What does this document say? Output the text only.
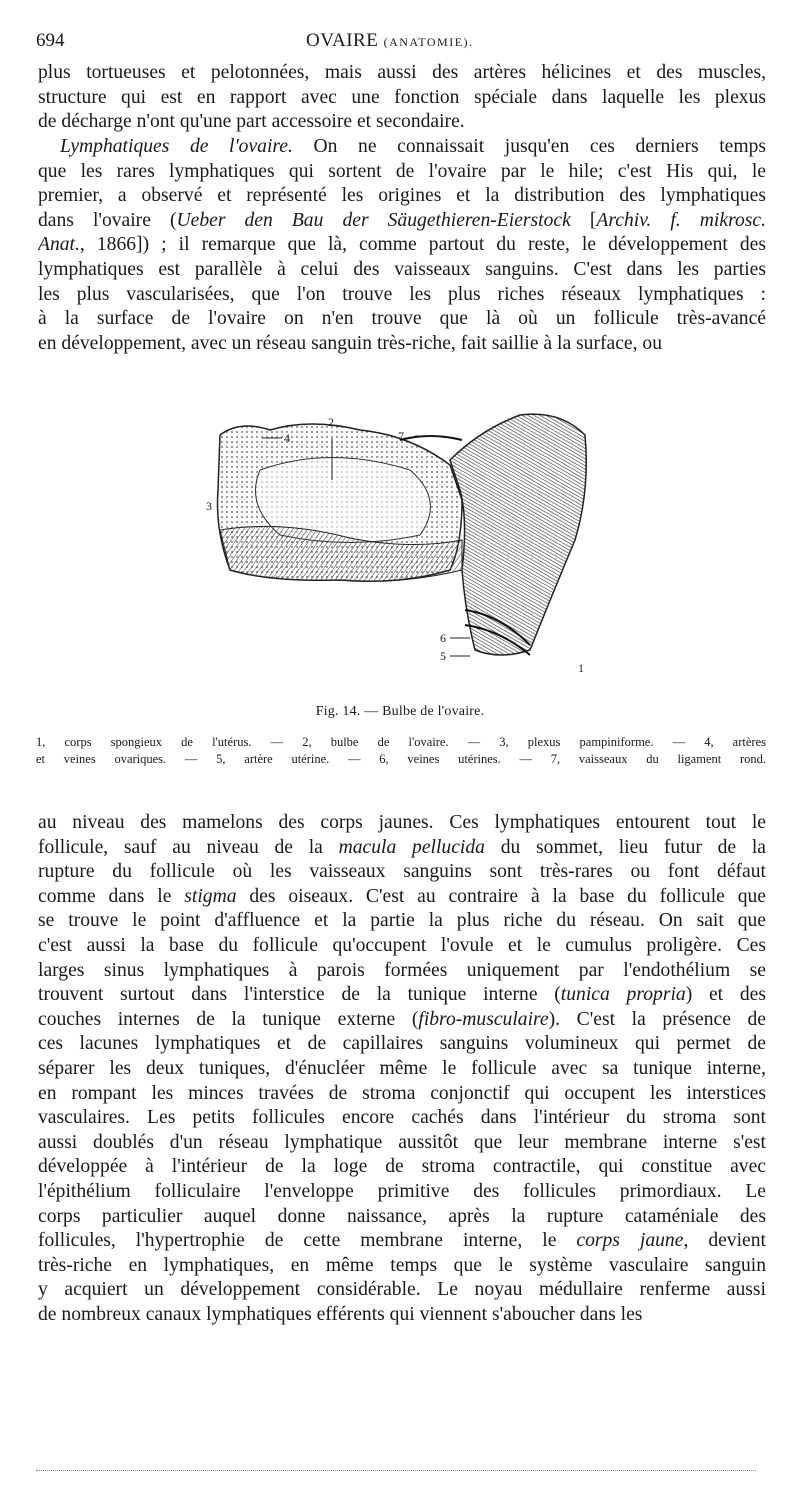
694	OVAIRE (ANATOMIE).
plus tortueuses et pelotonnées, mais aussi des artères hélicines et des muscles,
structure qui est en rapport avec une fonction spéciale dans laquelle les plexus
de décharge n'ont qu'une part accessoire et secondaire.
Lymphatiques de l'ovaire. On ne connaissait jusqu'en ces derniers temps
que les rares lymphatiques qui sortent de l'ovaire par le hile; c'est His qui, le
premier, a observé et représenté les origines et la distribution des lymphatiques
dans l'ovaire (Ueber den Bau der Säugethieren-Eierstock [Archiv. f. mikrosc.
Anat., 1866]) ; il remarque que là, comme partout du reste, le développement des
lymphatiques est parallèle à celui des vaisseaux sanguins. C'est dans les parties
les plus vascularisées, que l'on trouve les plus riches réseaux lymphatiques :
à la surface de l'ovaire on n'en trouve que là où un follicule très-avancé
en développement, avec un réseau sanguin très-riche, fait saillie à la surface, ou
2
4	7
3
6
5
1
Fig. 14. — Bulbe de l'ovaire.
1, corps spongieux de l'utérus. — 2, bulbe de l'ovaire. — 3, plexus pampiniforme. — 4, artères
et veines ovariques. — 5, artère utérine. — 6, veines utérines. — 7, vaisseaux du ligament rond.
au niveau des mamelons des corps jaunes. Ces lymphatiques entourent tout le
follicule, sauf au niveau de la macula pellucida du sommet, lieu futur de la
rupture du follicule où les vaisseaux sanguins sont très-rares ou font défaut
comme dans le stigma des oiseaux. C'est au contraire à la base du follicule que
se trouve le point d'affluence et la partie la plus riche du réseau. On sait que
c'est aussi la base du follicule qu'occupent l'ovule et le cumulus proligère. Ces
larges sinus lymphatiques à parois formées uniquement par l'endothélium se
trouvent surtout dans l'interstice de la tunique interne (tunica propria) et des
couches internes de la tunique externe (fibro-musculaire). C'est la présence de
ces lacunes lymphatiques et de capillaires sanguins volumineux qui permet de
séparer les deux tuniques, d'énucléer même le follicule avec sa tunique interne,
en rompant les minces travées de stroma conjonctif qui occupent les interstices
vasculaires. Les petits follicules encore cachés dans l'intérieur du stroma sont
aussi doublés d'un réseau lymphatique aussitôt que leur membrane interne s'est
développée à l'intérieur de la loge de stroma contractile, qui constitue avec
l'épithélium folliculaire l'enveloppe primitive des follicules primordiaux. Le
corps particulier auquel donne naissance, après la rupture cataméniale des
follicules, l'hypertrophie de cette membrane interne, le corps jaune, devient
très-riche en lymphatiques, en même temps que le système vasculaire sanguin
y acquiert un développement considérable. Le noyau médullaire renferme aussi
de nombreux canaux lymphatiques efférents qui viennent s'aboucher dans les
